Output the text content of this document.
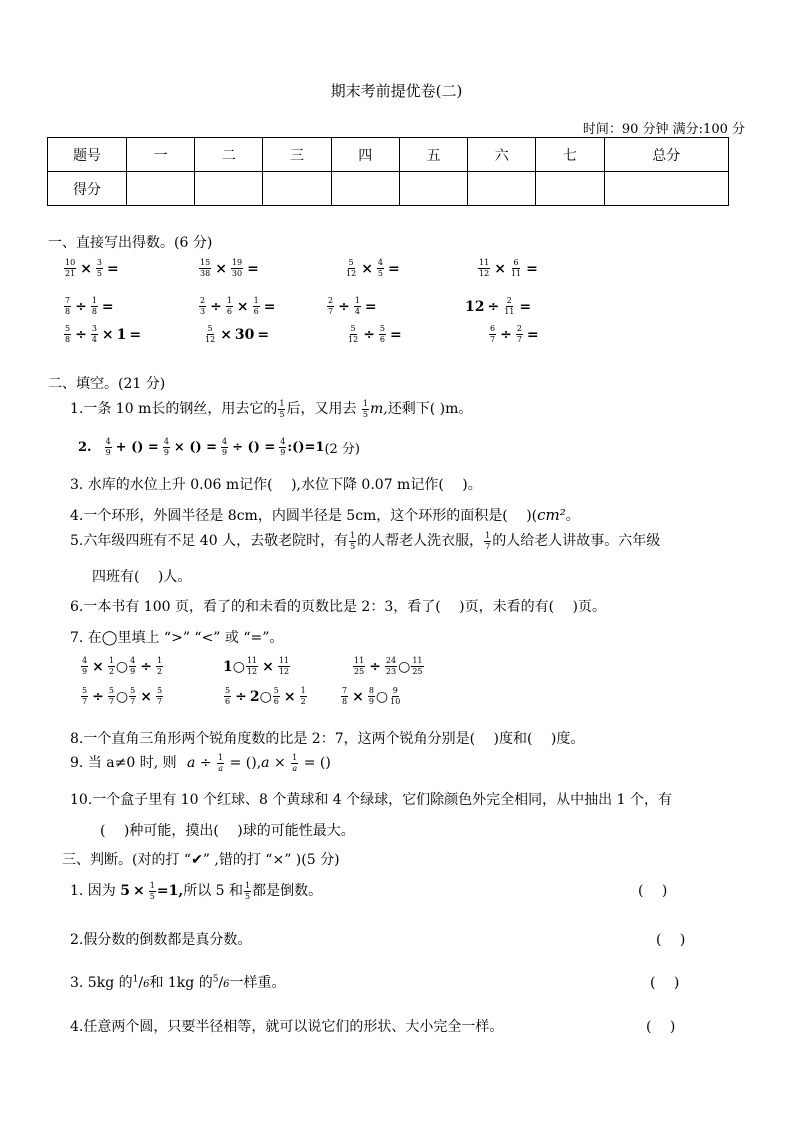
期末考前提优卷(二)
时间：90 分钟 满分:100 分
题号	一	二	三	四	五	六	七	总分
得分								
一、直接写出得数。(6 分)
$\frac{10}{21} \times \frac{3}{5}$ =	$\frac{15}{38} \times \frac{19}{30}$ =	$\frac{5}{12} \times \frac{4}{5}$ =	$\frac{11}{12} \times \frac{6}{11}$ =
$\frac{7}{8} \div \frac{1}{8}$ =	$\frac{2}{3} \div \frac{1}{6} \times \frac{1}{6}$ =	$\frac{2}{7} \div \frac{1}{4}$ =	$12 \div \frac{2}{11}$ =
$\frac{5}{8} \div \frac{3}{4} \times 1$ =	$\frac{5}{12} \times 30$ =	$\frac{5}{12} \div \frac{5}{6}$ =	$\frac{6}{7} \div \frac{2}{7}$ =
二、填空。(21 分)
1.一条 10 m长的钢丝，用去它的 $\frac{1}{5}$ 后，又用去 $\frac{1}{5} m$,还剩下( )m。
2. $\frac{4}{9}$ + () = $\frac{4}{9}$ × () = $\frac{4}{9}$ ÷ () = $\frac{4}{9}$ :() =1 (2 分)
3. 水库的水位上升 0.06 m记作(　 ),水位下降 0.07 m记作(　 )。
4.一个环形，外圆半径是 8cm，内圆半径是 5cm，这个环形的面积是(　 )(cm²。
5.六年级四班有不足 40 人，去敬老院时，有 $\frac{1}{5}$ 的人帮老人洗衣服， $\frac{1}{7}$ 的人给老人讲故事。六年级
四班有(　 )人。
6.一本书有 100 页，看了的和未看的页数比是 2：3，看了(　 )页，未看的有(　 )页。
7. 在◯里填上 “>” “<” 或 “=”。
$\frac{4}{9} \times \frac{1}{2}$ ○ $\frac{4}{9} \div \frac{1}{2}$	1○ $\frac{11}{12} \times \frac{11}{12}$	$\frac{11}{25} \div \frac{24}{23}$ ○ $\frac{11}{25}$
$\frac{5}{7} \div \frac{5}{7}$ ○ $\frac{5}{7} \times \frac{5}{7}$	$\frac{5}{6}$ ÷ 2○ $\frac{5}{6} \times \frac{1}{2}$	$\frac{7}{8} \times \frac{8}{9}$ ○ $\frac{9}{10}$
8.一个直角三角形两个锐角度数的比是 2：7，这两个锐角分别是(　 )度和(　 )度。
9. 当 a≠0 时, 则 $a \div \frac{1}{a} = (),a \times \frac{1}{a}$ = ()
10.一个盒子里有 10 个红球、8 个黄球和 4 个绿球，它们除颜色外完全相同，从中抽出 1 个，有
(　 )种可能，摸出(　 )球的可能性最大。
三、判断。(对的打 “✔” ,错的打 “×” )(5 分)
1. 因为 $5 \times \frac{1}{5} =1$, 所以 5 和 $\frac{1}{5}$ 都是倒数。	(　 )
2.假分数的倒数都是真分数。	(　 )
3. 5kg 的$^1$/6和 1kg 的$^5$/6一样重。	(　 )
4.任意两个圆，只要半径相等，就可以说它们的形状、大小完全一样。	(　 )
